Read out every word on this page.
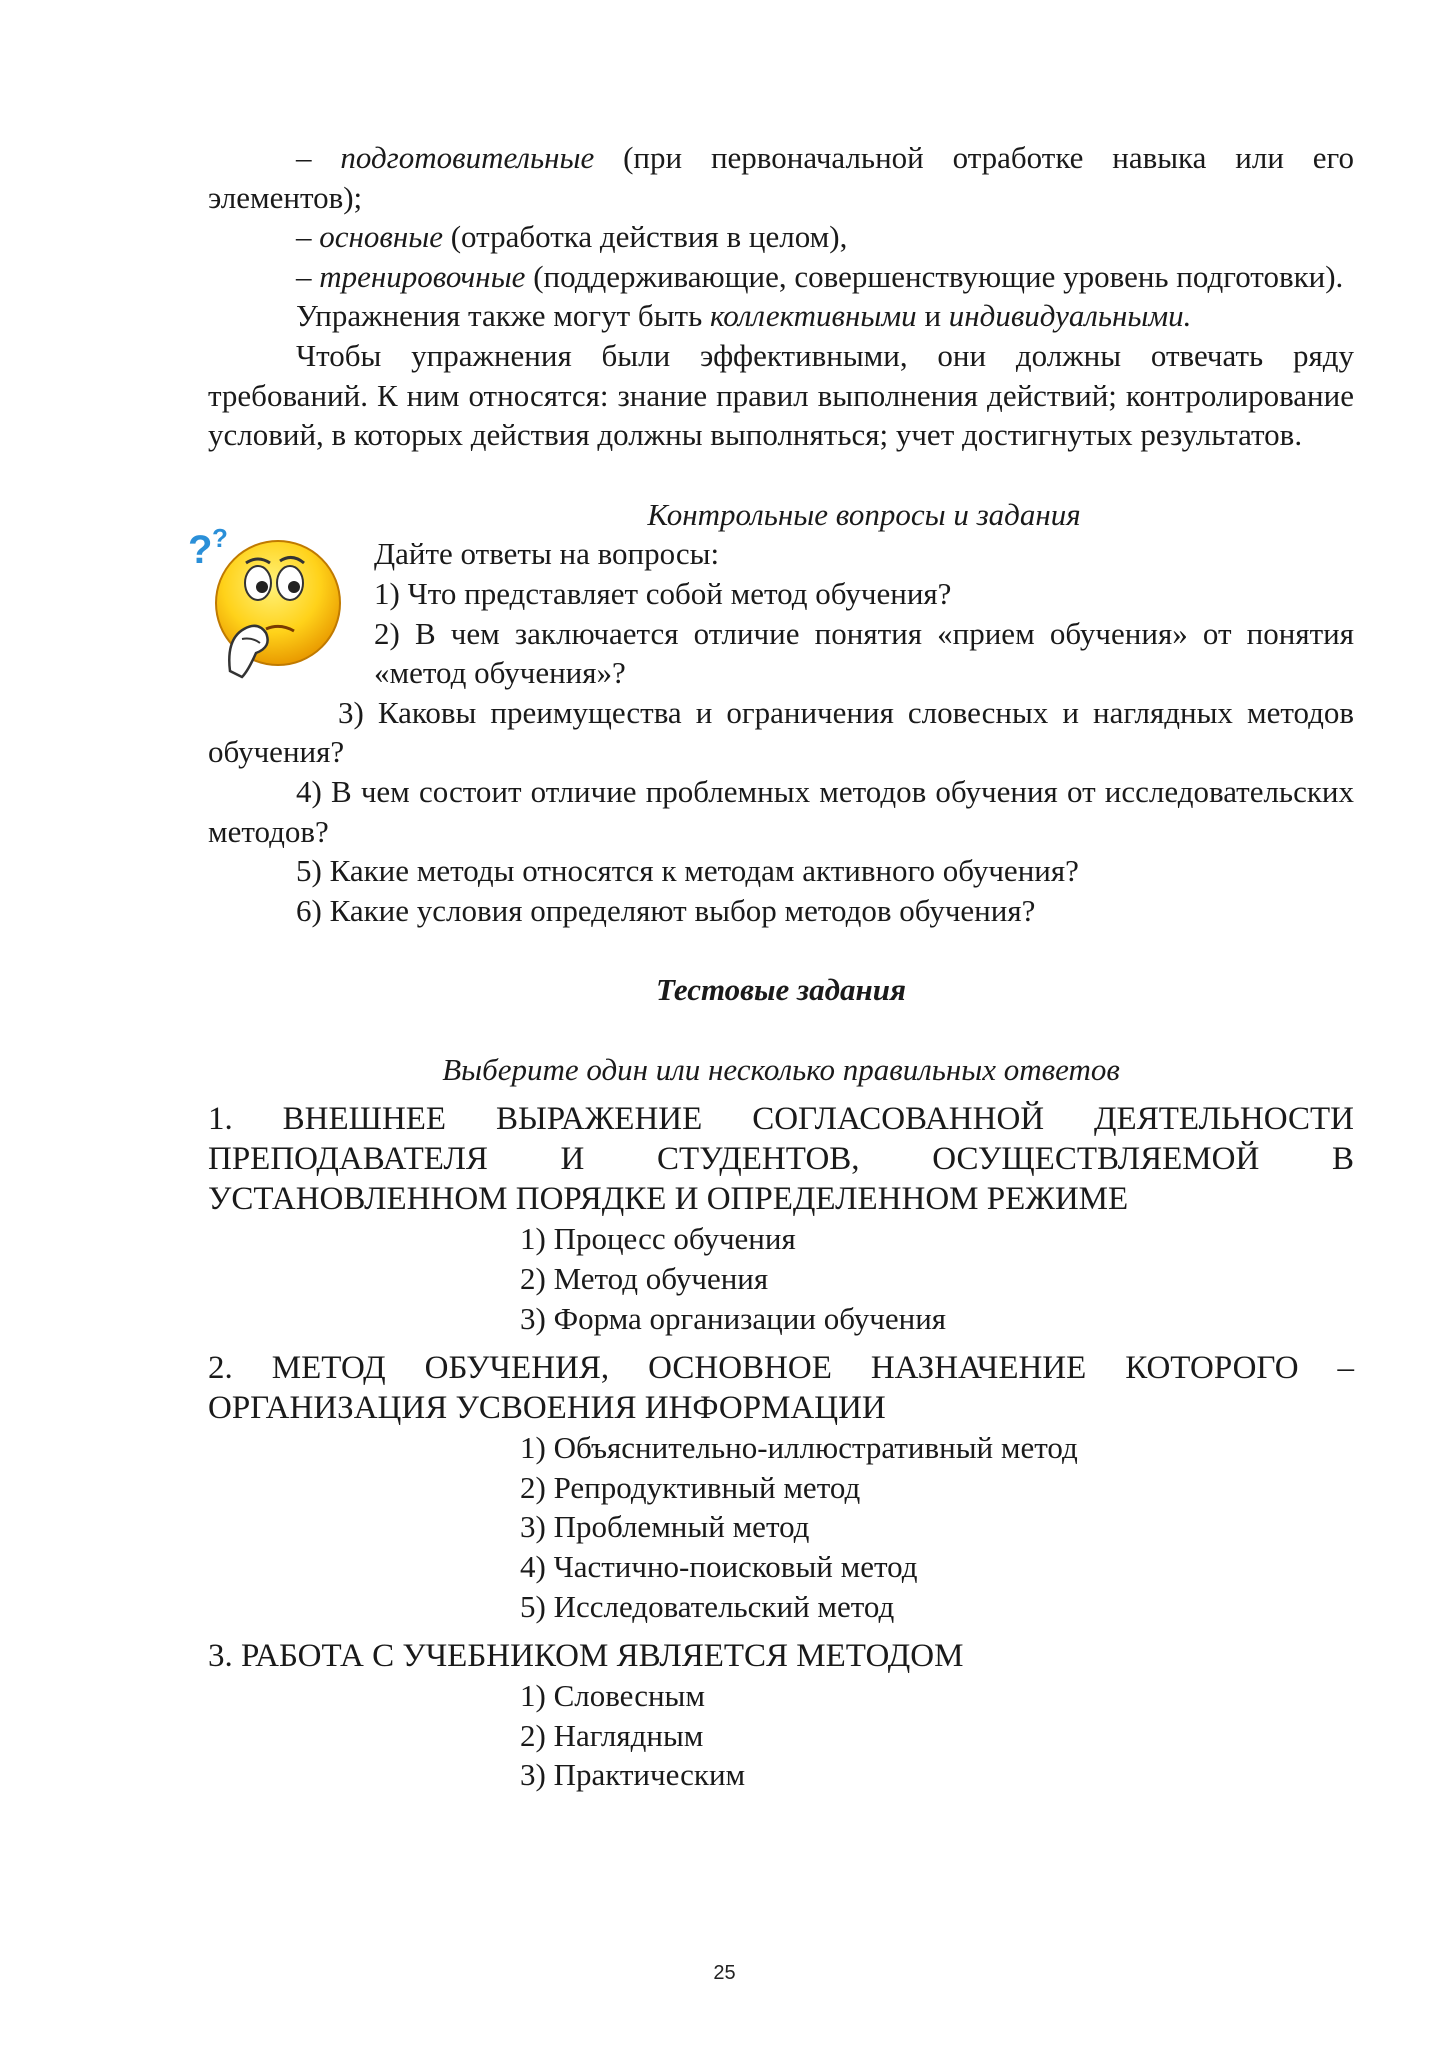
– подготовительные (при первоначальной отработке навыка или его элементов);

– основные (отработка действия в целом),

– тренировочные (поддерживающие, совершенствующие уровень подготовки).

Упражнения также могут быть коллективными и индивидуальными.

Чтобы упражнения были эффективными, они должны отвечать ряду требований. К ним относятся: знание правил выполнения действий; контролирование условий, в которых действия должны выполняться; учет достигнутых результатов.

? ?

Контрольные вопросы и задания

Дайте ответы на вопросы:

1) Что представляет собой метод обучения?

2) В чем заключается отличие понятия «прием обучения» от понятия «метод обучения»?

3) Каковы преимущества и ограничения словесных и наглядных методов обучения?

4) В чем состоит отличие проблемных методов обучения от исследовательских методов?

5) Какие методы относятся к методам активного обучения?

6) Какие условия определяют выбор методов обучения?

Тестовые задания

Выберите один или несколько правильных ответов

1. ВНЕШНЕЕ ВЫРАЖЕНИЕ СОГЛАСОВАННОЙ ДЕЯТЕЛЬНОСТИ ПРЕПОДАВАТЕЛЯ И СТУДЕНТОВ, ОСУЩЕСТВЛЯЕМОЙ В УСТАНОВЛЕННОМ ПОРЯДКЕ И ОПРЕДЕЛЕННОМ РЕЖИМЕ

1) Процесс обучения
2) Метод обучения
3) Форма организации обучения

2. МЕТОД ОБУЧЕНИЯ, ОСНОВНОЕ НАЗНАЧЕНИЕ КОТОРОГО – ОРГАНИЗАЦИЯ УСВОЕНИЯ ИНФОРМАЦИИ

1) Объяснительно-иллюстративный метод
2) Репродуктивный метод
3) Проблемный метод
4) Частично-поисковый метод
5) Исследовательский метод

3. РАБОТА С УЧЕБНИКОМ ЯВЛЯЕТСЯ МЕТОДОМ

1) Словесным
2) Наглядным
3) Практическим
25
